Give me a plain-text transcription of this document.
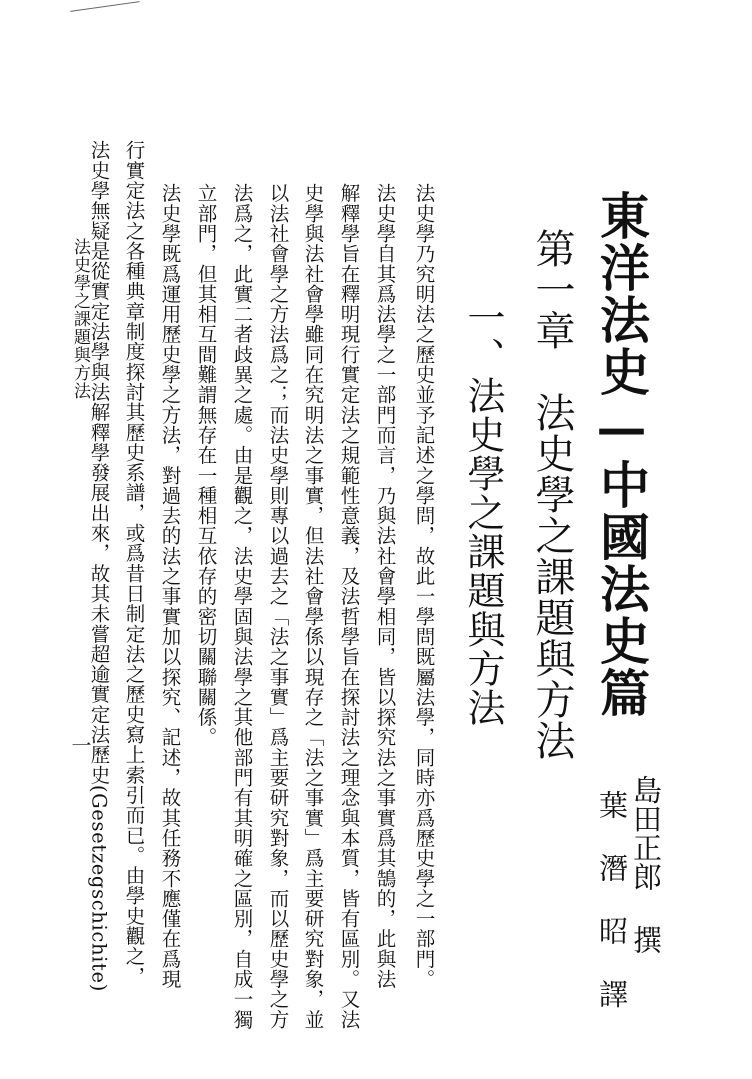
東洋法史—中國法史篇
島田正郎 撰
葉 潛 昭 譯
第一章　法史學之課題與方法
一、法史學之課題與方法
法史學乃究明法之歷史並予記述之學問，故此一學問既屬法學，同時亦爲歷史學之一部門。
法史學自其爲法學之一部門而言，乃與法社會學相同，皆以探究法之事實爲其鵠的，此與法
解釋學旨在釋明現行實定法之規範性意義，及法哲學旨在探討法之理念與本質，皆有區別。又法
史學與法社會學雖同在究明法之事實，但法社會學係以現存之「法之事實」爲主要研究對象，並
以法社會學之方法爲之；而法史學則專以過去之「法之事實」爲主要研究對象，而以歷史學之方
法爲之，此實二者歧異之處。由是觀之，法史學固與法學之其他部門有其明確之區別，自成一獨
立部門，但其相互間難謂無存在一種相互依存的密切關聯關係。
法史學既爲運用歷史學之方法，對過去的法之事實加以探究、記述，故其任務不應僅在爲現
行實定法之各種典章制度探討其歷史系譜，或爲昔日制定法之歷史寫上索引而已。由學史觀之，
法史學無疑是從實定法學與法解釋學發展出來，故其未嘗超逾實定法歷史(Gesetzegschichite)
法史學之課題與方法
一
